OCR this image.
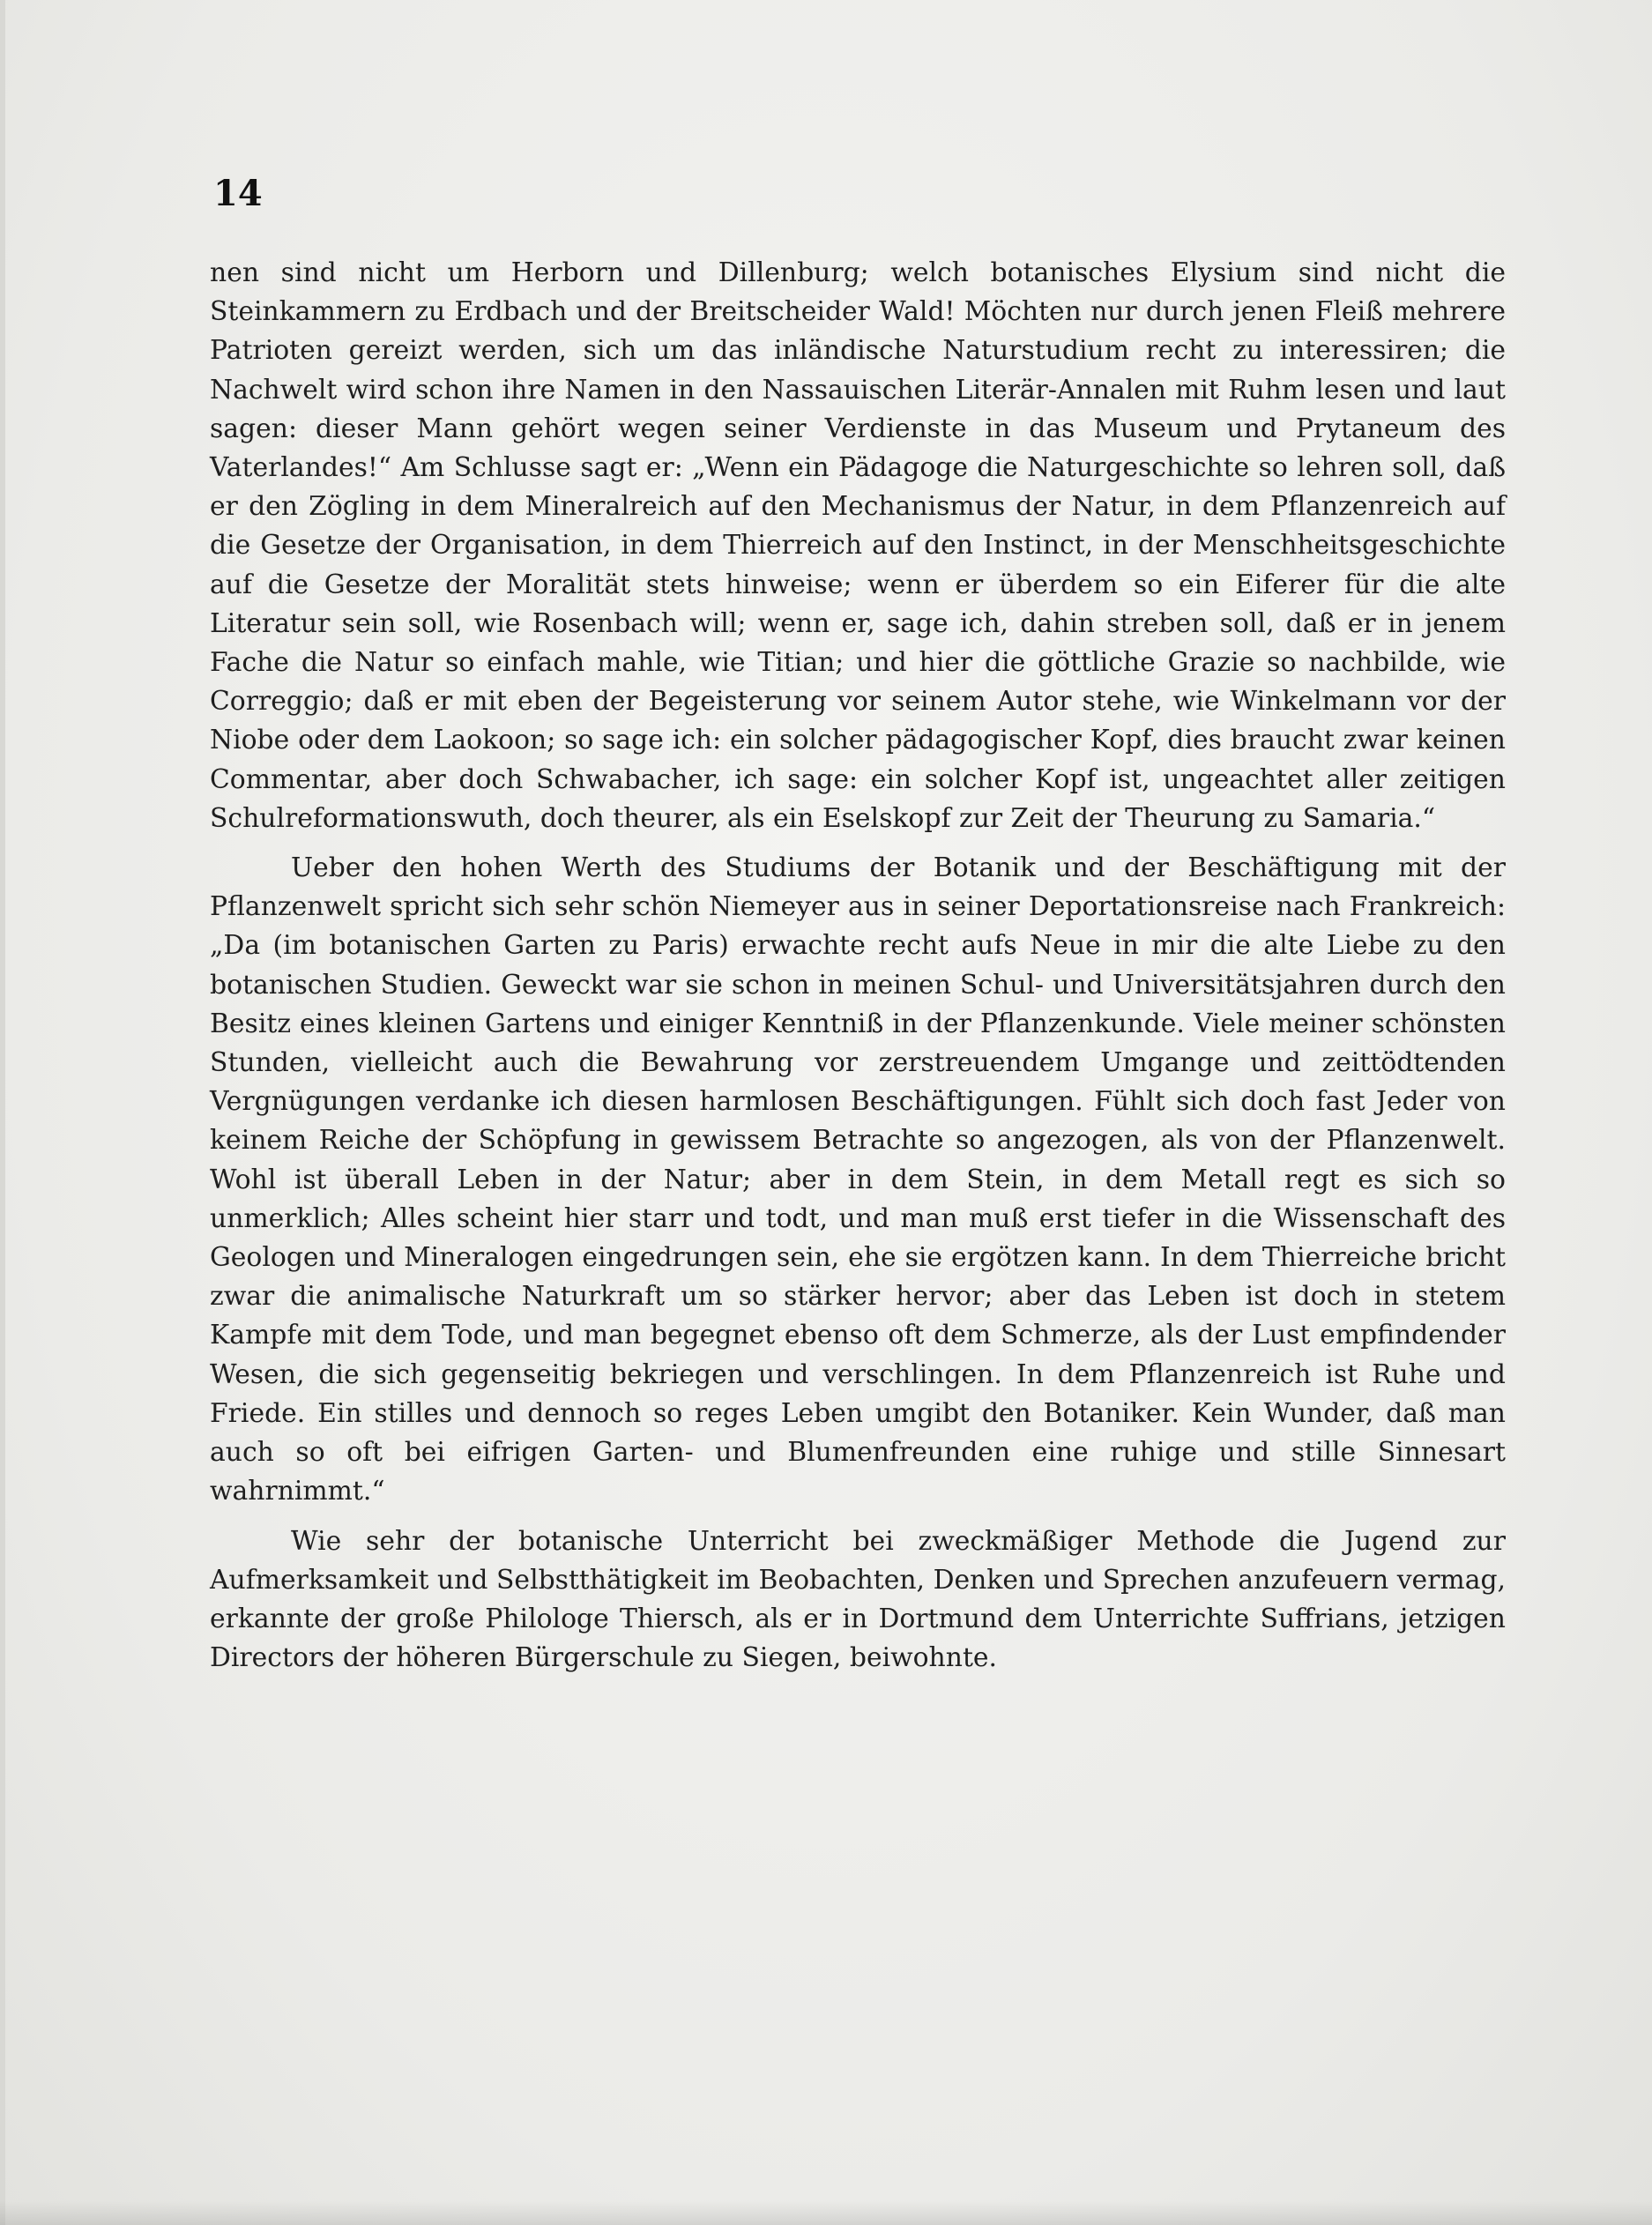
14

nen sind nicht um Herborn und Dillenburg; welch botanisches Elysium sind nicht die Steinkammern zu Erdbach und der Breitscheider Wald! Möchten nur durch jenen Fleiß mehrere Patrioten gereizt werden, sich um das inländische Naturstudium recht zu interessiren; die Nachwelt wird schon ihre Namen in den Nassauischen Literär-Annalen mit Ruhm lesen und laut sagen: dieser Mann gehört wegen seiner Verdienste in das Museum und Prytaneum des Vaterlandes!“ Am Schlusse sagt er: „Wenn ein Pädagoge die Naturgeschichte so lehren soll, daß er den Zögling in dem Mineralreich auf den Mechanismus der Natur, in dem Pflanzenreich auf die Gesetze der Organisation, in dem Thierreich auf den Instinct, in der Menschheitsgeschichte auf die Gesetze der Moralität stets hinweise; wenn er überdem so ein Eiferer für die alte Literatur sein soll, wie Rosenbach will; wenn er, sage ich, dahin streben soll, daß er in jenem Fache die Natur so einfach mahle, wie Titian; und hier die göttliche Grazie so nachbilde, wie Correggio; daß er mit eben der Begeisterung vor seinem Autor stehe, wie Winkelmann vor der Niobe oder dem Laokoon; so sage ich: ein solcher pädagogischer Kopf, dies braucht zwar keinen Commentar, aber doch Schwabacher, ich sage: ein solcher Kopf ist, ungeachtet aller zeitigen Schulreformationswuth, doch theurer, als ein Eselskopf zur Zeit der Theurung zu Samaria.“

Ueber den hohen Werth des Studiums der Botanik und der Beschäftigung mit der Pflanzenwelt spricht sich sehr schön Niemeyer aus in seiner Deportationsreise nach Frankreich: „Da (im botanischen Garten zu Paris) erwachte recht aufs Neue in mir die alte Liebe zu den botanischen Studien. Geweckt war sie schon in meinen Schul- und Universitätsjahren durch den Besitz eines kleinen Gartens und einiger Kenntniß in der Pflanzenkunde. Viele meiner schönsten Stunden, vielleicht auch die Bewahrung vor zerstreuendem Umgange und zeittödtenden Vergnügungen verdanke ich diesen harmlosen Beschäftigungen. Fühlt sich doch fast Jeder von keinem Reiche der Schöpfung in gewissem Betrachte so angezogen, als von der Pflanzenwelt. Wohl ist überall Leben in der Natur; aber in dem Stein, in dem Metall regt es sich so unmerklich; Alles scheint hier starr und todt, und man muß erst tiefer in die Wissenschaft des Geologen und Mineralogen eingedrungen sein, ehe sie ergötzen kann. In dem Thierreiche bricht zwar die animalische Naturkraft um so stärker hervor; aber das Leben ist doch in stetem Kampfe mit dem Tode, und man begegnet ebenso oft dem Schmerze, als der Lust empfindender Wesen, die sich gegenseitig bekriegen und verschlingen. In dem Pflanzenreich ist Ruhe und Friede. Ein stilles und dennoch so reges Leben umgibt den Botaniker. Kein Wunder, daß man auch so oft bei eifrigen Garten- und Blumenfreunden eine ruhige und stille Sinnesart wahrnimmt.“

Wie sehr der botanische Unterricht bei zweckmäßiger Methode die Jugend zur Aufmerksamkeit und Selbstthätigkeit im Beobachten, Denken und Sprechen anzufeuern vermag, erkannte der große Philologe Thiersch, als er in Dortmund dem Unterrichte Suffrians, jetzigen Directors der höheren Bürgerschule zu Siegen, beiwohnte.
